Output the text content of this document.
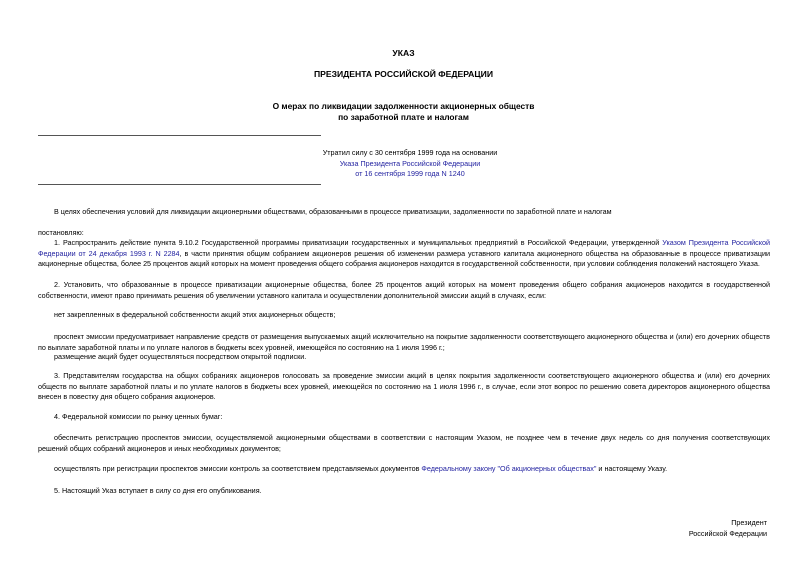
УКАЗ
ПРЕЗИДЕНТА РОССИЙСКОЙ ФЕДЕРАЦИИ
О мерах по ликвидации задолженности акционерных обществ
по заработной плате и налогам
Утратил силу с 30 сентября 1999 года на основании
Указа Президента Российской Федерации
от 16 сентября 1999 года N 1240
В целях обеспечения условий для ликвидации акционерными обществами, образованными в процессе приватизации, задолженности по заработной плате и налогам
постановляю:
1. Распространить действие пункта 9.10.2 Государственной программы приватизации государственных и муниципальных предприятий в Российской Федерации, утвержденной Указом Президента Российской Федерации от 24 декабря 1993 г. N 2284, в части принятия общим собранием акционеров решения об изменении размера уставного капитала акционерного общества на образованные в процессе приватизации акционерные общества, более 25 процентов акций которых на момент проведения общего собрания акционеров находится в государственной собственности, при условии соблюдения положений настоящего Указа.
2. Установить, что образованные в процессе приватизации акционерные общества, более 25 процентов акций которых на момент проведения общего собрания акционеров находится в государственной собственности, имеют право принимать решения об увеличении уставного капитала и осуществлении дополнительной эмиссии акций в случаях, если:
нет закрепленных в федеральной собственности акций этих акционерных обществ;
проспект эмиссии предусматривает направление средств от размещения выпускаемых акций исключительно на покрытие задолженности соответствующего акционерного общества и (или) его дочерних обществ по выплате заработной платы и по уплате налогов в бюджеты всех уровней, имеющейся по состоянию на 1 июля 1996 г.;
размещение акций будет осуществляться посредством открытой подписки.
3. Представителям государства на общих собраниях акционеров голосовать за проведение эмиссии акций в целях покрытия задолженности соответствующего акционерного общества и (или) его дочерних обществ по выплате заработной платы и по уплате налогов в бюджеты всех уровней, имеющейся по состоянию на 1 июля 1996 г., в случае, если этот вопрос по решению совета директоров акционерного общества внесен в повестку дня общего собрания акционеров.
4. Федеральной комиссии по рынку ценных бумаг:
обеспечить регистрацию проспектов эмиссии, осуществляемой акционерными обществами в соответствии с настоящим Указом, не позднее чем в течение двух недель со дня получения соответствующих решений общих собраний акционеров и иных необходимых документов;
осуществлять при регистрации проспектов эмиссии контроль за соответствием представляемых документов Федеральному закону "Об акционерных обществах" и настоящему Указу.
5. Настоящий Указ вступает в силу со дня его опубликования.
Президент
Российской Федерации
